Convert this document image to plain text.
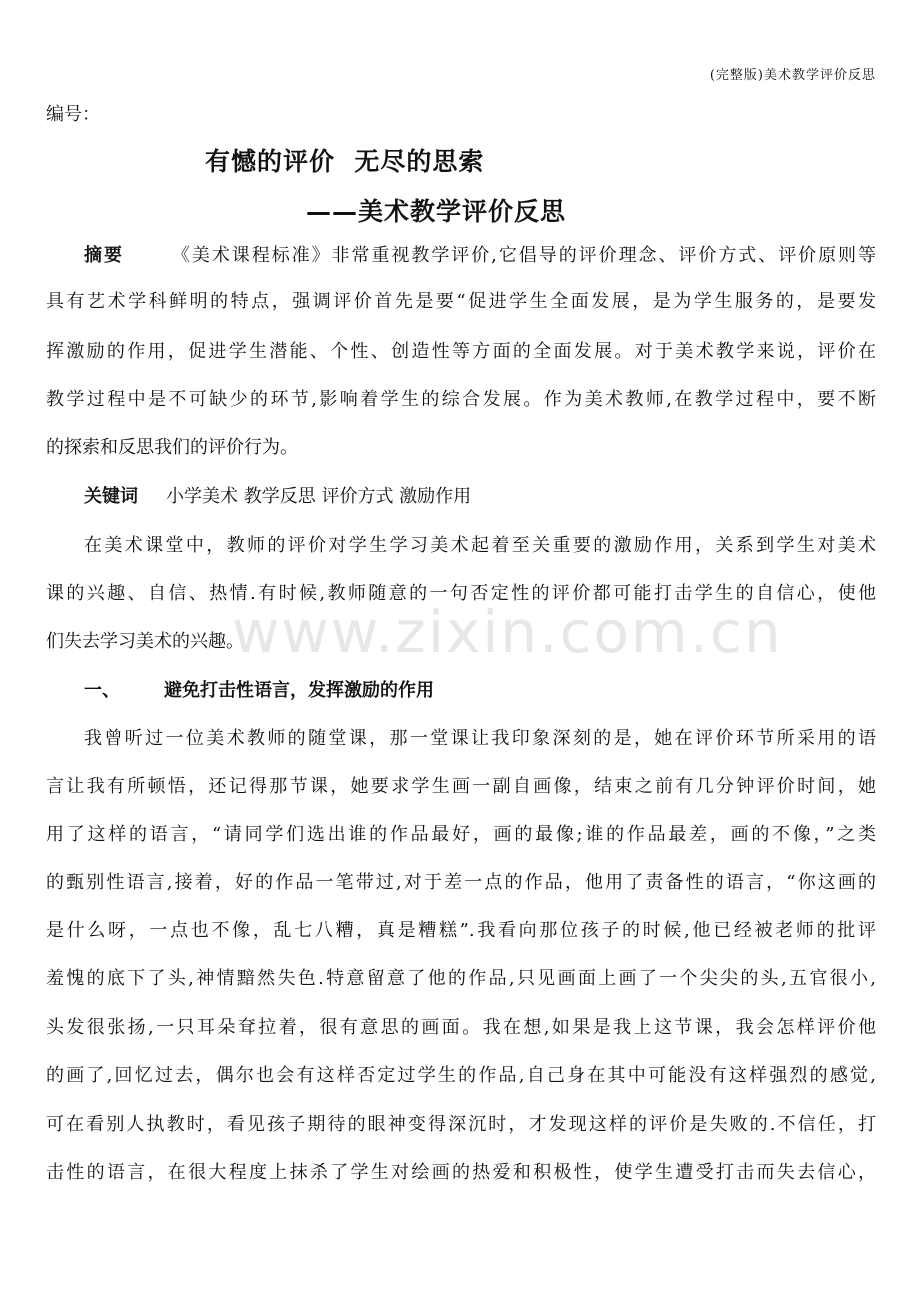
(完整版)美术教学评价反思
编号：
有憾的评价  无尽的思索
——美术教学评价反思
摘要	《美术课程标准》非常重视教学评价,它倡导的评价理念、评价方式、评价原则等
具有艺术学科鲜明的特点，强调评价首先是要“促进学生全面发展，是为学生服务的，是要发
挥激励的作用，促进学生潜能、个性、创造性等方面的全面发展。对于美术教学来说，评价在
教学过程中是不可缺少的环节,影响着学生的综合发展。作为美术教师,在教学过程中，要不断
的探索和反思我们的评价行为。
关键词 小学美术 教学反思 评价方式 激励作用
在美术课堂中，教师的评价对学生学习美术起着至关重要的激励作用，关系到学生对美术
课的兴趣、自信、热情.有时候,教师随意的一句否定性的评价都可能打击学生的自信心，使他
们失去学习美术的兴趣。
一、 避免打击性语言，发挥激励的作用
我曾听过一位美术教师的随堂课，那一堂课让我印象深刻的是，她在评价环节所采用的语
言让我有所顿悟，还记得那节课，她要求学生画一副自画像，结束之前有几分钟评价时间，她
用了这样的语言，“请同学们选出谁的作品最好，画的最像;谁的作品最差，画的不像，”之类
的甄别性语言,接着，好的作品一笔带过,对于差一点的作品，他用了责备性的语言，“你这画的
是什么呀，一点也不像，乱七八糟，真是糟糕”.我看向那位孩子的时候,他已经被老师的批评
羞愧的底下了头,神情黯然失色.特意留意了他的作品,只见画面上画了一个尖尖的头,五官很小,
头发很张扬,一只耳朵耷拉着，很有意思的画面。我在想,如果是我上这节课，我会怎样评价他
的画了,回忆过去，偶尔也会有这样否定过学生的作品,自己身在其中可能没有这样强烈的感觉,
可在看别人执教时，看见孩子期待的眼神变得深沉时，才发现这样的评价是失败的.不信任，打
击性的语言，在很大程度上抹杀了学生对绘画的热爱和积极性，使学生遭受打击而失去信心，
www.zixin.com.cn
